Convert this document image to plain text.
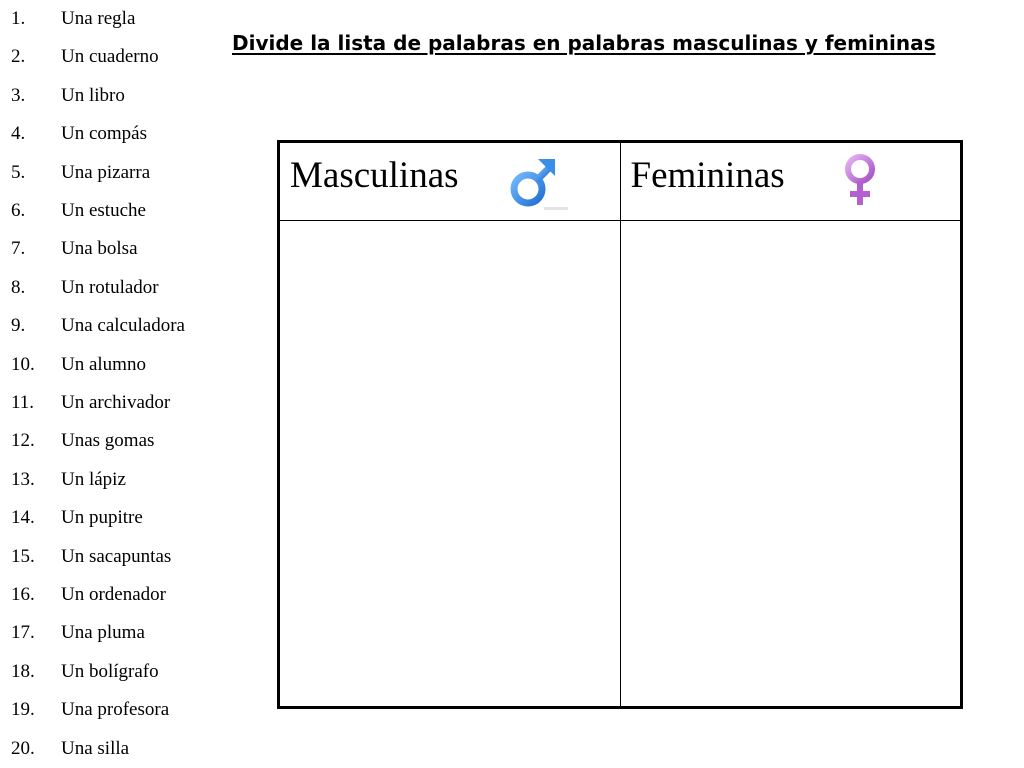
1. Una regla
2. Un cuaderno
3. Un libro
4. Un compás
5. Una pizarra
6. Un estuche
7. Una bolsa
8. Un rotulador
9. Una calculadora
10. Un alumno
11. Un archivador
12. Unas gomas
13. Un lápiz
14. Un pupitre
15. Un sacapuntas
16. Un ordenador
17. Una pluma
18. Un bolígrafo
19. Una profesora
20. Una silla
Divide la lista de palabras en palabras masculinas y femininas
Masculinas	Femininas
